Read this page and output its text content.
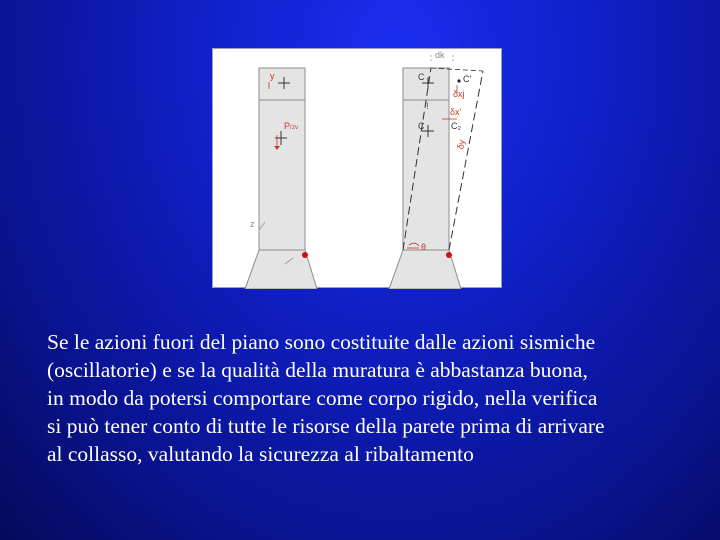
y
Przv
z
dk
C	C'
δxj
!
δx'
C	C₂
δy
θ
Se le azioni fuori del piano sono costituite dalle azioni sismiche
(oscillatorie) e se la qualità della muratura è abbastanza buona,
in modo da potersi comportare come corpo rigido, nella verifica
si può tener conto di tutte le risorse della parete prima di arrivare
al collasso, valutando la sicurezza al ribaltamento
